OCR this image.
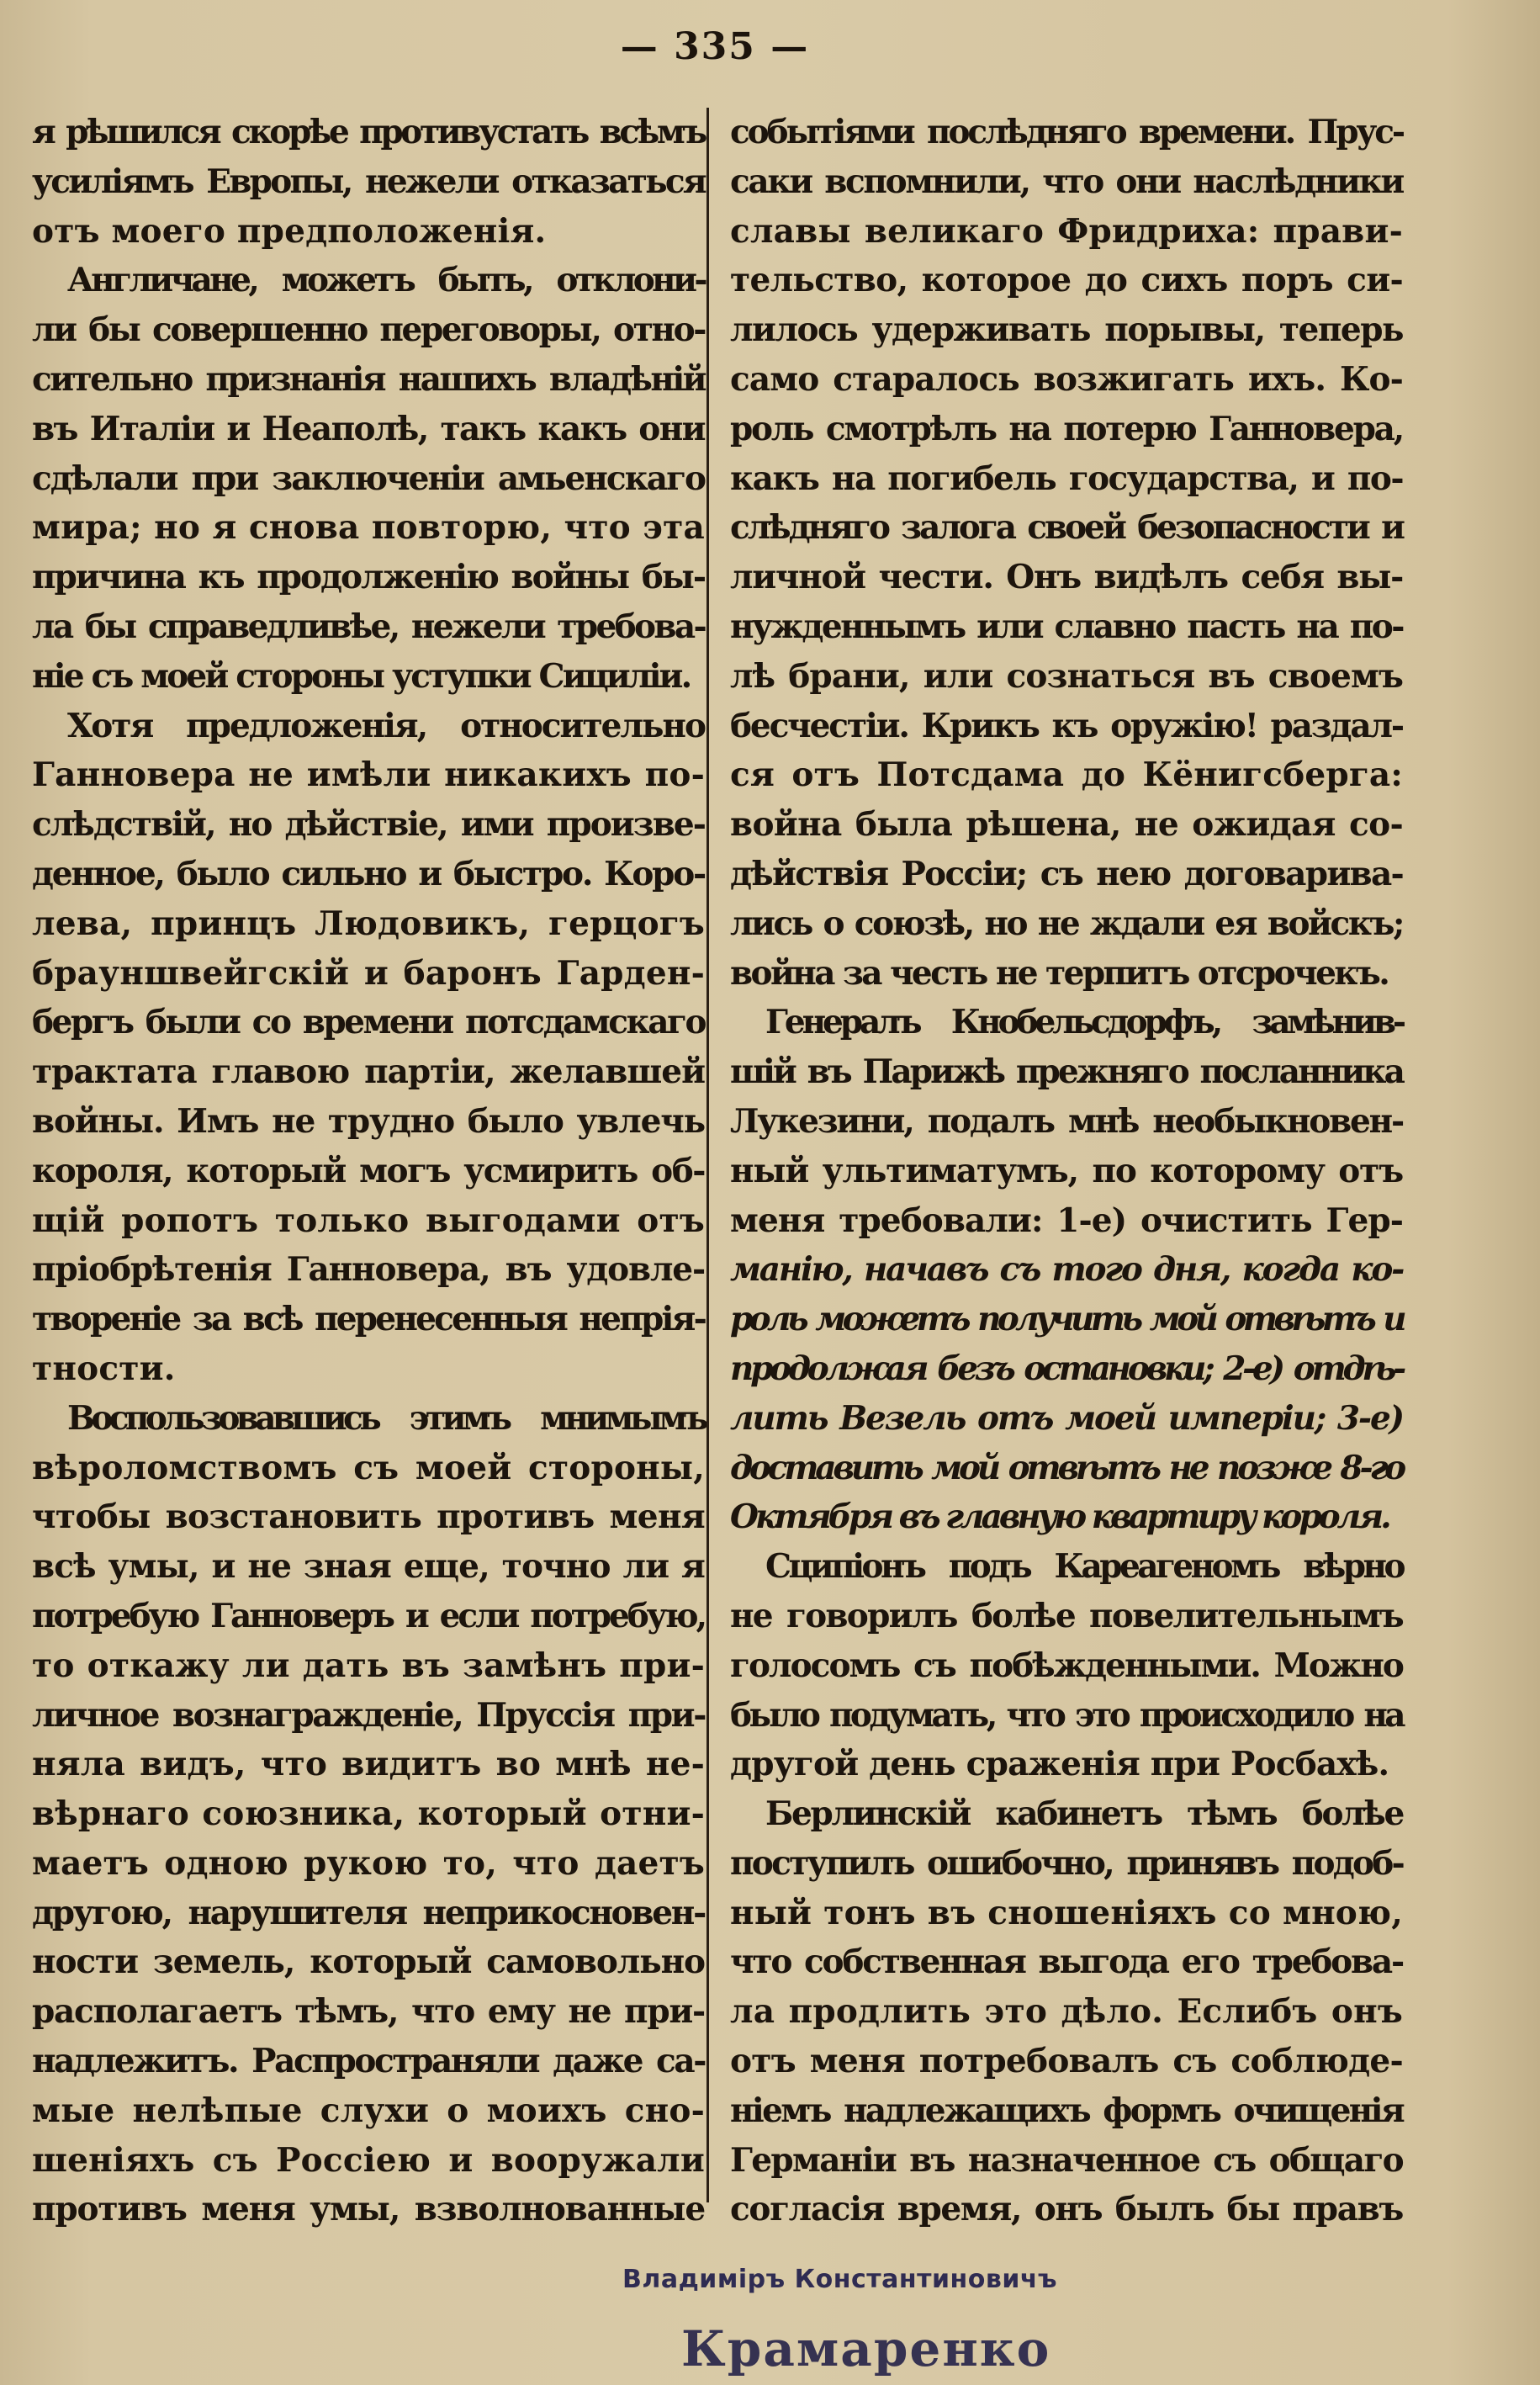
— 335 —
я рѣшился скорѣе противустать всѣмъ
усиліямъ Европы, нежели отказаться
отъ моего предположенія.
Англичане, можетъ быть, отклони-
ли бы совершенно переговоры, отно-
сительно признанія нашихъ владѣній
въ Италіи и Неаполѣ, такъ какъ они
сдѣлали при заключеніи амьенскаго
мира; но я снова повторю, что эта
причина къ продолженію войны бы-
ла бы справедливѣе, нежели требова-
ніе съ моей стороны уступки Сициліи.
Хотя предложенія, относительно
Ганновера не имѣли никакихъ по-
слѣдствій, но дѣйствіе, ими произве-
денное, было сильно и быстро. Коро-
лева, принцъ Людовикъ, герцогъ
брауншвейгскій и баронъ Гарден-
бергъ были со времени потсдамскаго
трактата главою партіи, желавшей
войны. Имъ не трудно было увлечь
короля, который могъ усмирить об-
щій ропотъ только выгодами отъ
пріобрѣтенія Ганновера, въ удовле-
твореніе за всѣ перенесенныя непрія-
тности.
Воспользовавшись этимъ мнимымъ
вѣроломствомъ съ моей стороны,
чтобы возстановить противъ меня
всѣ умы, и не зная еще, точно ли я
потребую Ганноверъ и если потребую,
то откажу ли дать въ замѣнъ при-
личное вознагражденіе, Пруссія при-
няла видъ, что видитъ во мнѣ не-
вѣрнаго союзника, который отни-
маетъ одною рукою то, что даетъ
другою, нарушителя неприкосновен-
ности земель, который самовольно
располагаетъ тѣмъ, что ему не при-
надлежитъ. Распространяли даже са-
мые нелѣпые слухи о моихъ сно-
шеніяхъ съ Россіею и вооружали
противъ меня умы, взволнованные
событіями послѣдняго времени. Прус-
саки вспомнили, что они наслѣдники
славы великаго Фридриха: прави-
тельство, которое до сихъ поръ си-
лилось удерживать порывы, теперь
само старалось возжигать ихъ. Ко-
роль смотрѣлъ на потерю Ганновера,
какъ на погибель государства, и по-
слѣдняго залога своей безопасности и
личной чести. Онъ видѣлъ себя вы-
нужденнымъ или славно пасть на по-
лѣ брани, или сознаться въ своемъ
бесчестіи. Крикъ къ оружію! раздал-
ся отъ Потсдама до Кёнигсберга:
война была рѣшена, не ожидая со-
дѣйствія Россіи; съ нею договарива-
лись о союзѣ, но не ждали ея войскъ;
война за честь не терпитъ отсрочекъ.
Генералъ Кнобельсдорфъ, замѣнив-
шій въ Парижѣ прежняго посланника
Лукезини, подалъ мнѣ необыкновен-
ный ультиматумъ, по которому отъ
меня требовали: 1-е) очистить Гер-
манію, начавъ съ того дня, когда ко-
роль можетъ получить мой отвѣтъ и
продолжая безъ остановки; 2-е) отдѣ-
лить Везель отъ моей имперіи; 3-е)
доставить мой отвѣтъ не позже 8-го
Октября въ главную квартиру короля.
Сципіонъ подъ Кареагеномъ вѣрно
не говорилъ болѣе повелительнымъ
голосомъ съ побѣжденными. Можно
было подумать, что это происходило на
другой день сраженія при Росбахѣ.
Берлинскій кабинетъ тѣмъ болѣе
поступилъ ошибочно, принявъ подоб-
ный тонъ въ сношеніяхъ со мною,
что собственная выгода его требова-
ла продлить это дѣло. Еслибъ онъ
отъ меня потребовалъ съ соблюде-
ніемъ надлежащихъ формъ очищенія
Германіи въ назначенное съ общаго
согласія время, онъ былъ бы правъ
Владиміръ Константиновичъ
Крамаренко
